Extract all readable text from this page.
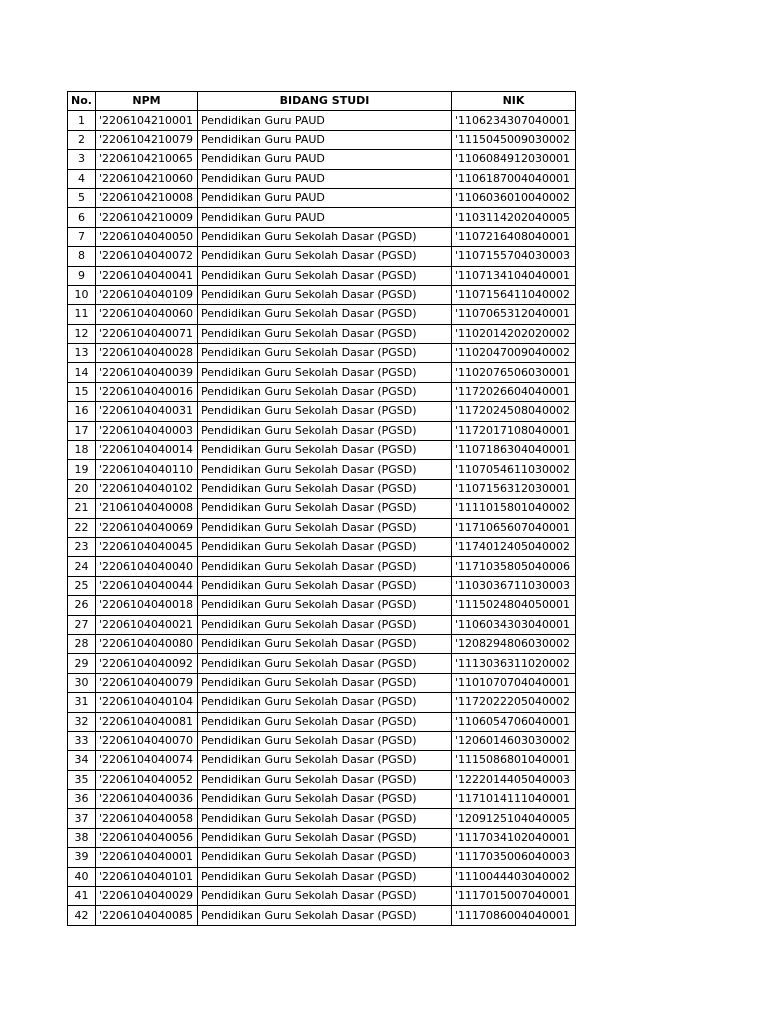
No.	NPM	BIDANG STUDI	NIK
1	'2206104210001	Pendidikan Guru PAUD	'1106234307040001
2	'2206104210079	Pendidikan Guru PAUD	'1115045009030002
3	'2206104210065	Pendidikan Guru PAUD	'1106084912030001
4	'2206104210060	Pendidikan Guru PAUD	'1106187004040001
5	'2206104210008	Pendidikan Guru PAUD	'1106036010040002
6	'2206104210009	Pendidikan Guru PAUD	'1103114202040005
7	'2206104040050	Pendidikan Guru Sekolah Dasar (PGSD)	'1107216408040001
8	'2206104040072	Pendidikan Guru Sekolah Dasar (PGSD)	'1107155704030003
9	'2206104040041	Pendidikan Guru Sekolah Dasar (PGSD)	'1107134104040001
10	'2206104040109	Pendidikan Guru Sekolah Dasar (PGSD)	'1107156411040002
11	'2206104040060	Pendidikan Guru Sekolah Dasar (PGSD)	'1107065312040001
12	'2206104040071	Pendidikan Guru Sekolah Dasar (PGSD)	'1102014202020002
13	'2206104040028	Pendidikan Guru Sekolah Dasar (PGSD)	'1102047009040002
14	'2206104040039	Pendidikan Guru Sekolah Dasar (PGSD)	'1102076506030001
15	'2206104040016	Pendidikan Guru Sekolah Dasar (PGSD)	'1172026604040001
16	'2206104040031	Pendidikan Guru Sekolah Dasar (PGSD)	'1172024508040002
17	'2206104040003	Pendidikan Guru Sekolah Dasar (PGSD)	'1172017108040001
18	'2206104040014	Pendidikan Guru Sekolah Dasar (PGSD)	'1107186304040001
19	'2206104040110	Pendidikan Guru Sekolah Dasar (PGSD)	'1107054611030002
20	'2206104040102	Pendidikan Guru Sekolah Dasar (PGSD)	'1107156312030001
21	'2106104040008	Pendidikan Guru Sekolah Dasar (PGSD)	'1111015801040002
22	'2206104040069	Pendidikan Guru Sekolah Dasar (PGSD)	'1171065607040001
23	'2206104040045	Pendidikan Guru Sekolah Dasar (PGSD)	'1174012405040002
24	'2206104040040	Pendidikan Guru Sekolah Dasar (PGSD)	'1171035805040006
25	'2206104040044	Pendidikan Guru Sekolah Dasar (PGSD)	'1103036711030003
26	'2206104040018	Pendidikan Guru Sekolah Dasar (PGSD)	'1115024804050001
27	'2206104040021	Pendidikan Guru Sekolah Dasar (PGSD)	'1106034303040001
28	'2206104040080	Pendidikan Guru Sekolah Dasar (PGSD)	'1208294806030002
29	'2206104040092	Pendidikan Guru Sekolah Dasar (PGSD)	'1113036311020002
30	'2206104040079	Pendidikan Guru Sekolah Dasar (PGSD)	'1101070704040001
31	'2206104040104	Pendidikan Guru Sekolah Dasar (PGSD)	'1172022205040002
32	'2206104040081	Pendidikan Guru Sekolah Dasar (PGSD)	'1106054706040001
33	'2206104040070	Pendidikan Guru Sekolah Dasar (PGSD)	'1206014603030002
34	'2206104040074	Pendidikan Guru Sekolah Dasar (PGSD)	'1115086801040001
35	'2206104040052	Pendidikan Guru Sekolah Dasar (PGSD)	'1222014405040003
36	'2206104040036	Pendidikan Guru Sekolah Dasar (PGSD)	'1171014111040001
37	'2206104040058	Pendidikan Guru Sekolah Dasar (PGSD)	'1209125104040005
38	'2206104040056	Pendidikan Guru Sekolah Dasar (PGSD)	'1117034102040001
39	'2206104040001	Pendidikan Guru Sekolah Dasar (PGSD)	'1117035006040003
40	'2206104040101	Pendidikan Guru Sekolah Dasar (PGSD)	'1110044403040002
41	'2206104040029	Pendidikan Guru Sekolah Dasar (PGSD)	'1117015007040001
42	'2206104040085	Pendidikan Guru Sekolah Dasar (PGSD)	'1117086004040001
